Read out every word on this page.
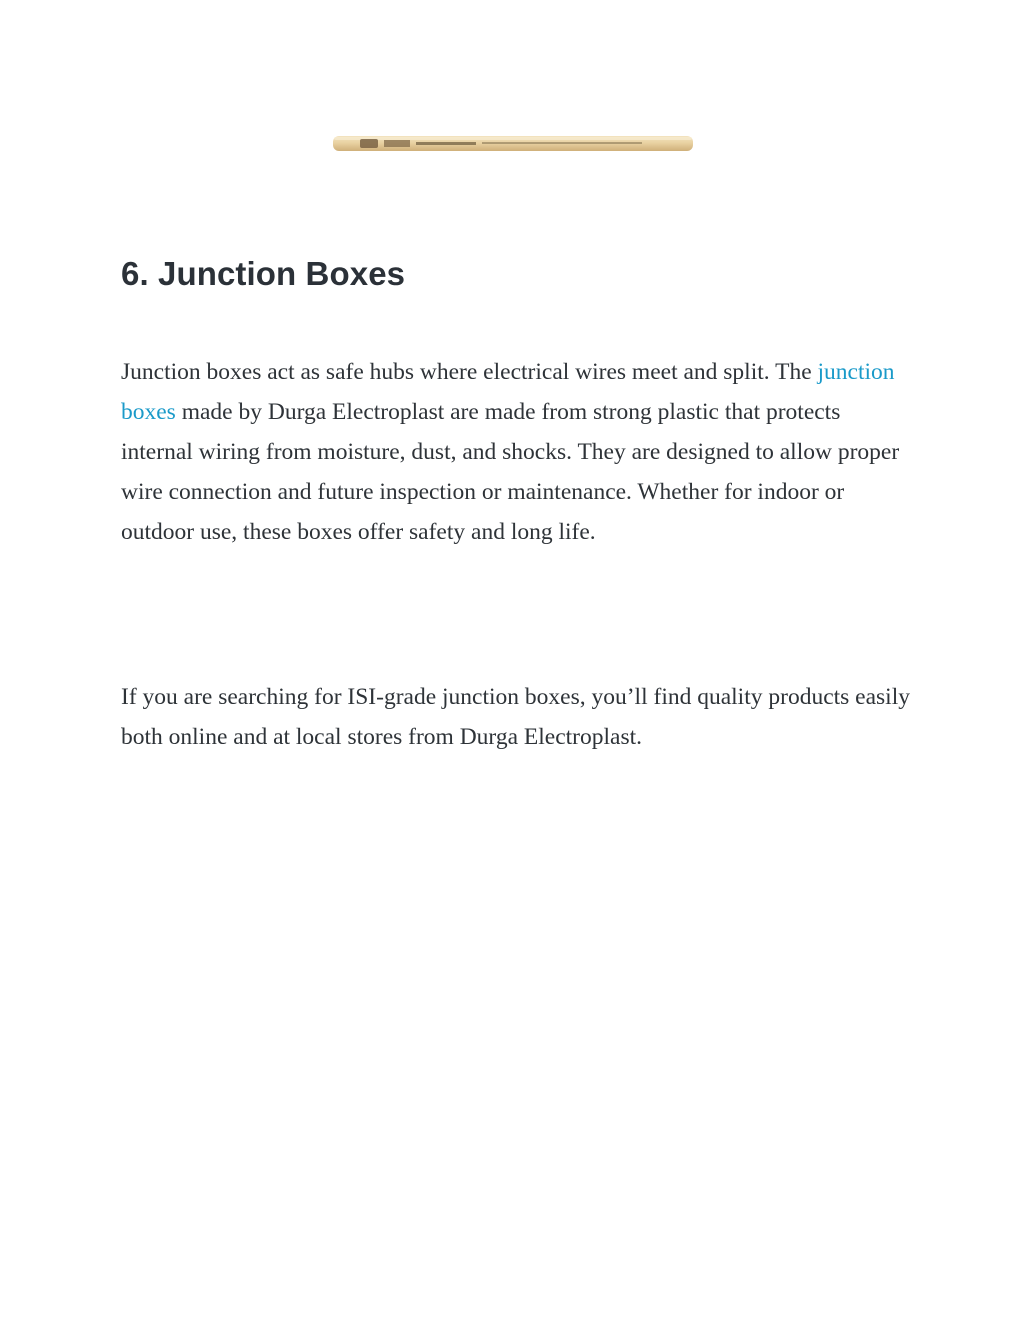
6. Junction Boxes

Junction boxes act as safe hubs where electrical wires meet and split. The junction boxes made by Durga Electroplast are made from strong plastic that protects internal wiring from moisture, dust, and shocks. They are designed to allow proper wire connection and future inspection or maintenance. Whether for indoor or outdoor use, these boxes offer safety and long life.

If you are searching for ISI-grade junction boxes, you’ll find quality products easily both online and at local stores from Durga Electroplast.
